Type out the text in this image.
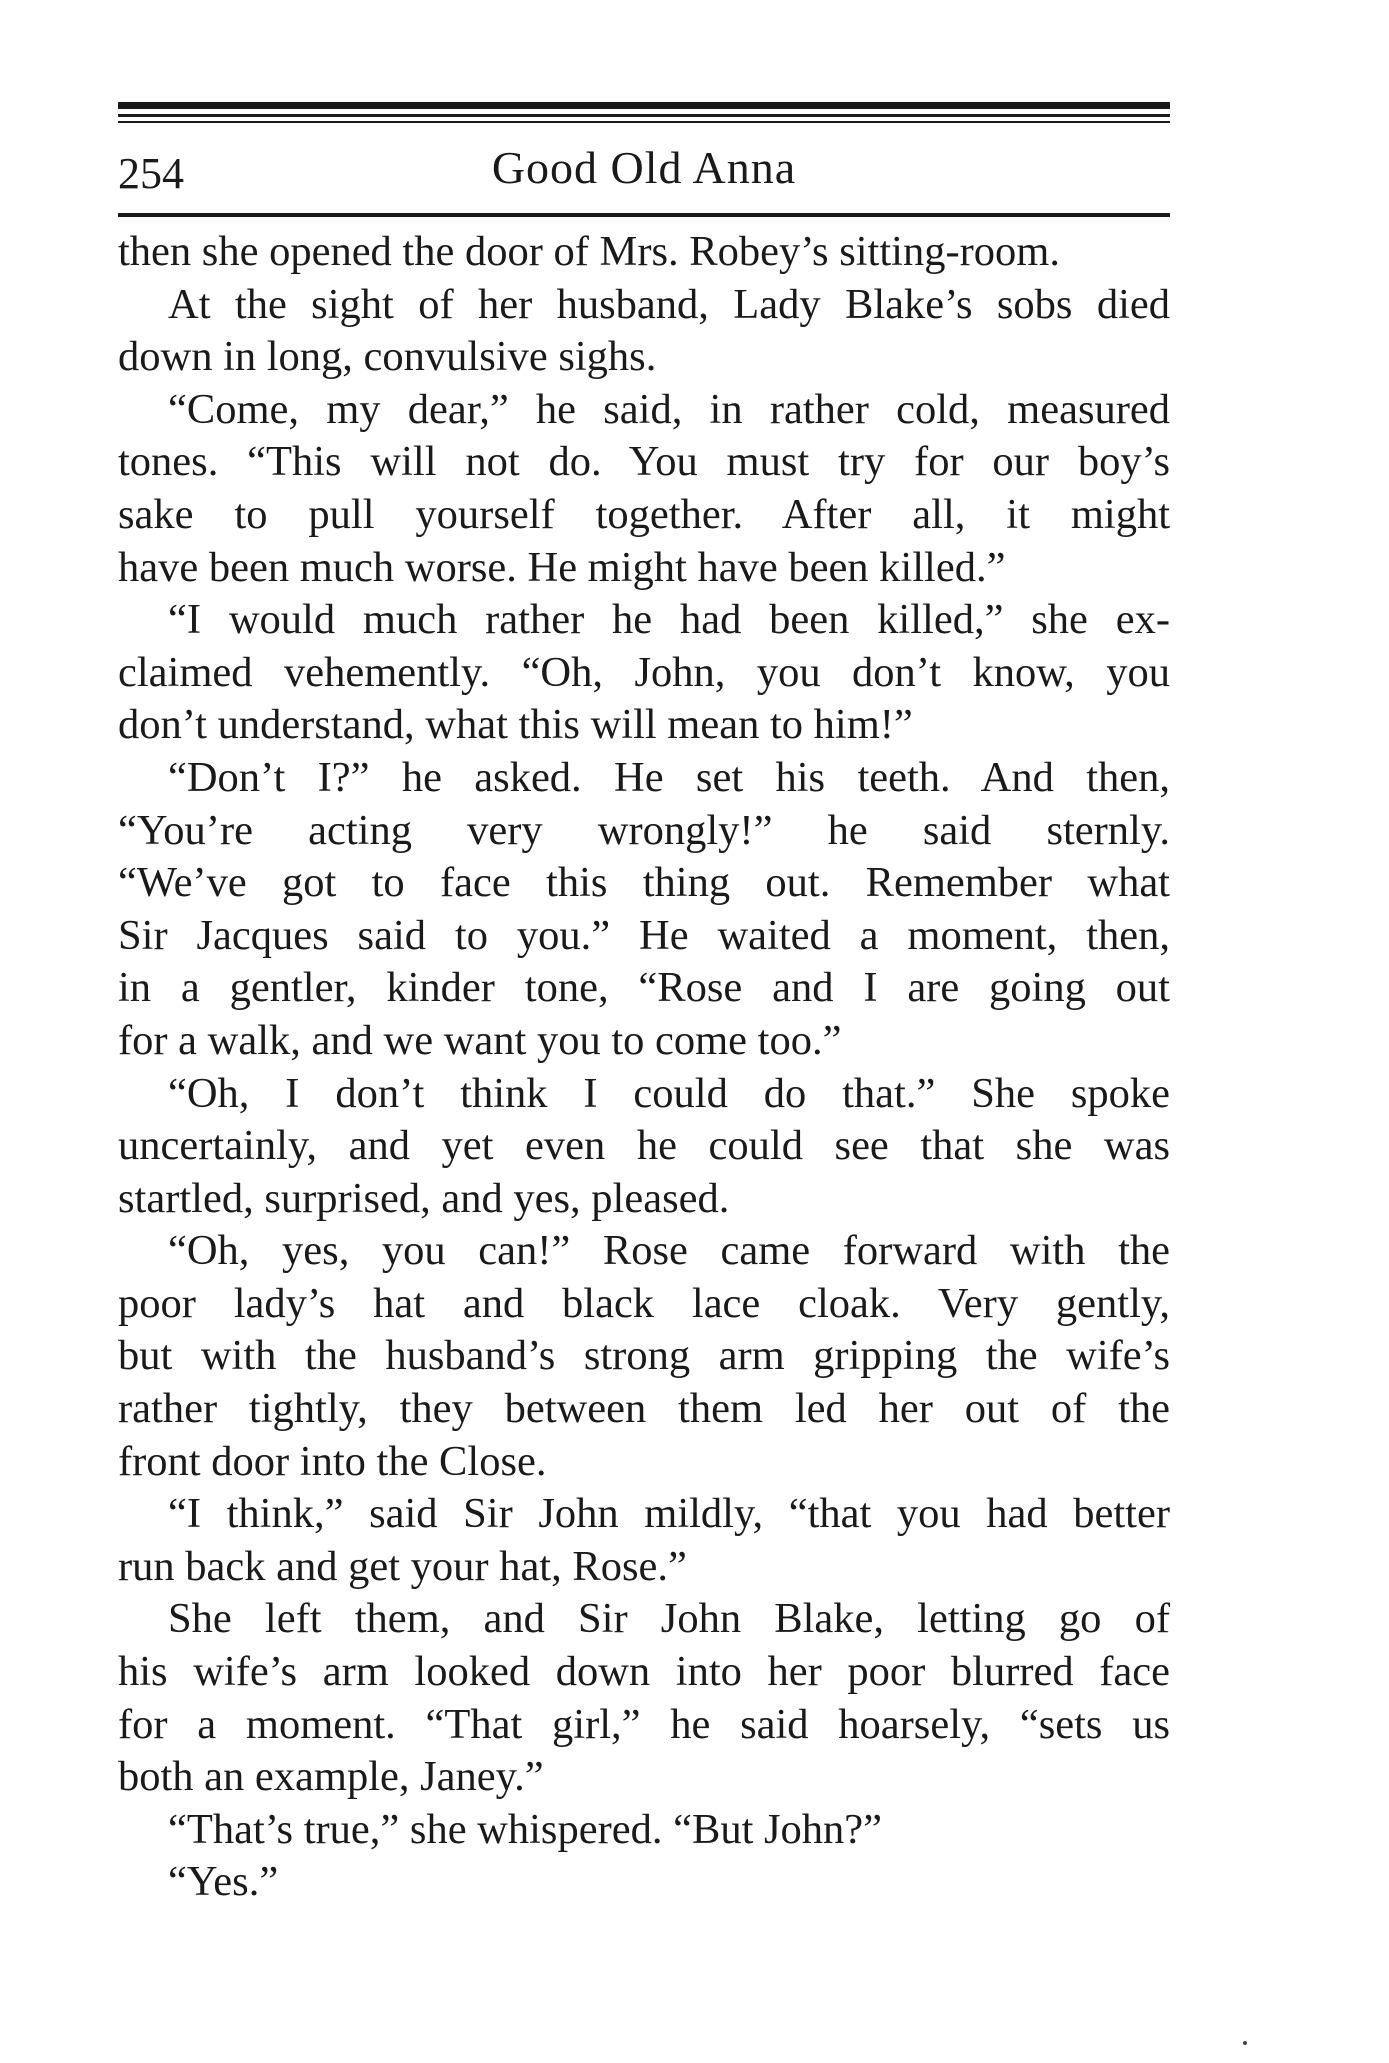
254	Good Old Anna
then she opened the door of Mrs. Robey’s sitting-room.
At the sight of her husband, Lady Blake’s sobs died
down in long, convulsive sighs.
“Come, my dear,” he said, in rather cold, measured
tones. “This will not do. You must try for our boy’s
sake to pull yourself together. After all, it might
have been much worse. He might have been killed.”
“I would much rather he had been killed,” she ex-
claimed vehemently. “Oh, John, you don’t know, you
don’t understand, what this will mean to him!”
“Don’t I?” he asked. He set his teeth. And then,
“You’re acting very wrongly!” he said sternly.
“We’ve got to face this thing out. Remember what
Sir Jacques said to you.” He waited a moment, then,
in a gentler, kinder tone, “Rose and I are going out
for a walk, and we want you to come too.”
“Oh, I don’t think I could do that.” She spoke
uncertainly, and yet even he could see that she was
startled, surprised, and yes, pleased.
“Oh, yes, you can!” Rose came forward with the
poor lady’s hat and black lace cloak. Very gently,
but with the husband’s strong arm gripping the wife’s
rather tightly, they between them led her out of the
front door into the Close.
“I think,” said Sir John mildly, “that you had better
run back and get your hat, Rose.”
She left them, and Sir John Blake, letting go of
his wife’s arm looked down into her poor blurred face
for a moment. “That girl,” he said hoarsely, “sets us
both an example, Janey.”
“That’s true,” she whispered. “But John?”
“Yes.”
